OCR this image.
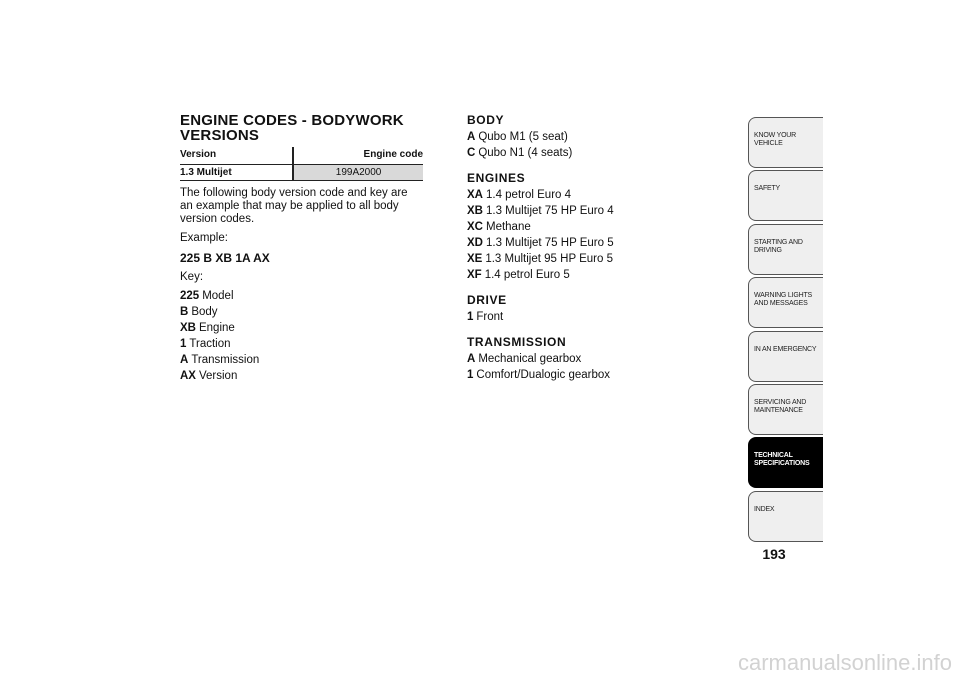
ENGINE CODES - BODYWORK
VERSIONS
Version	Engine code
1.3 Multijet	199A2000

The following body version code and key are an example that may be applied to all body version codes.

Example:

225 B XB 1A AX

Key:

225 Model
B Body
XB Engine
1 Traction
A Transmission
AX Version
BODY
A Qubo M1 (5 seat)
C Qubo N1 (4 seats)
ENGINES
XA 1.4 petrol Euro 4
XB 1.3 Multijet 75 HP Euro 4
XC Methane
XD 1.3 Multijet 75 HP Euro 5
XE 1.3 Multijet 95 HP Euro 5
XF 1.4 petrol Euro 5
DRIVE
1 Front
TRANSMISSION
A Mechanical gearbox
1 Comfort/Dualogic gearbox
KNOW YOUR
VEHICLE
SAFETY

STARTING AND
DRIVING
WARNING LIGHTS
AND MESSAGES
IN AN EMERGENCY

SERVICING AND
MAINTENANCE
TECHNICAL
SPECIFICATIONS
INDEX

193
carmanualsonline.info
